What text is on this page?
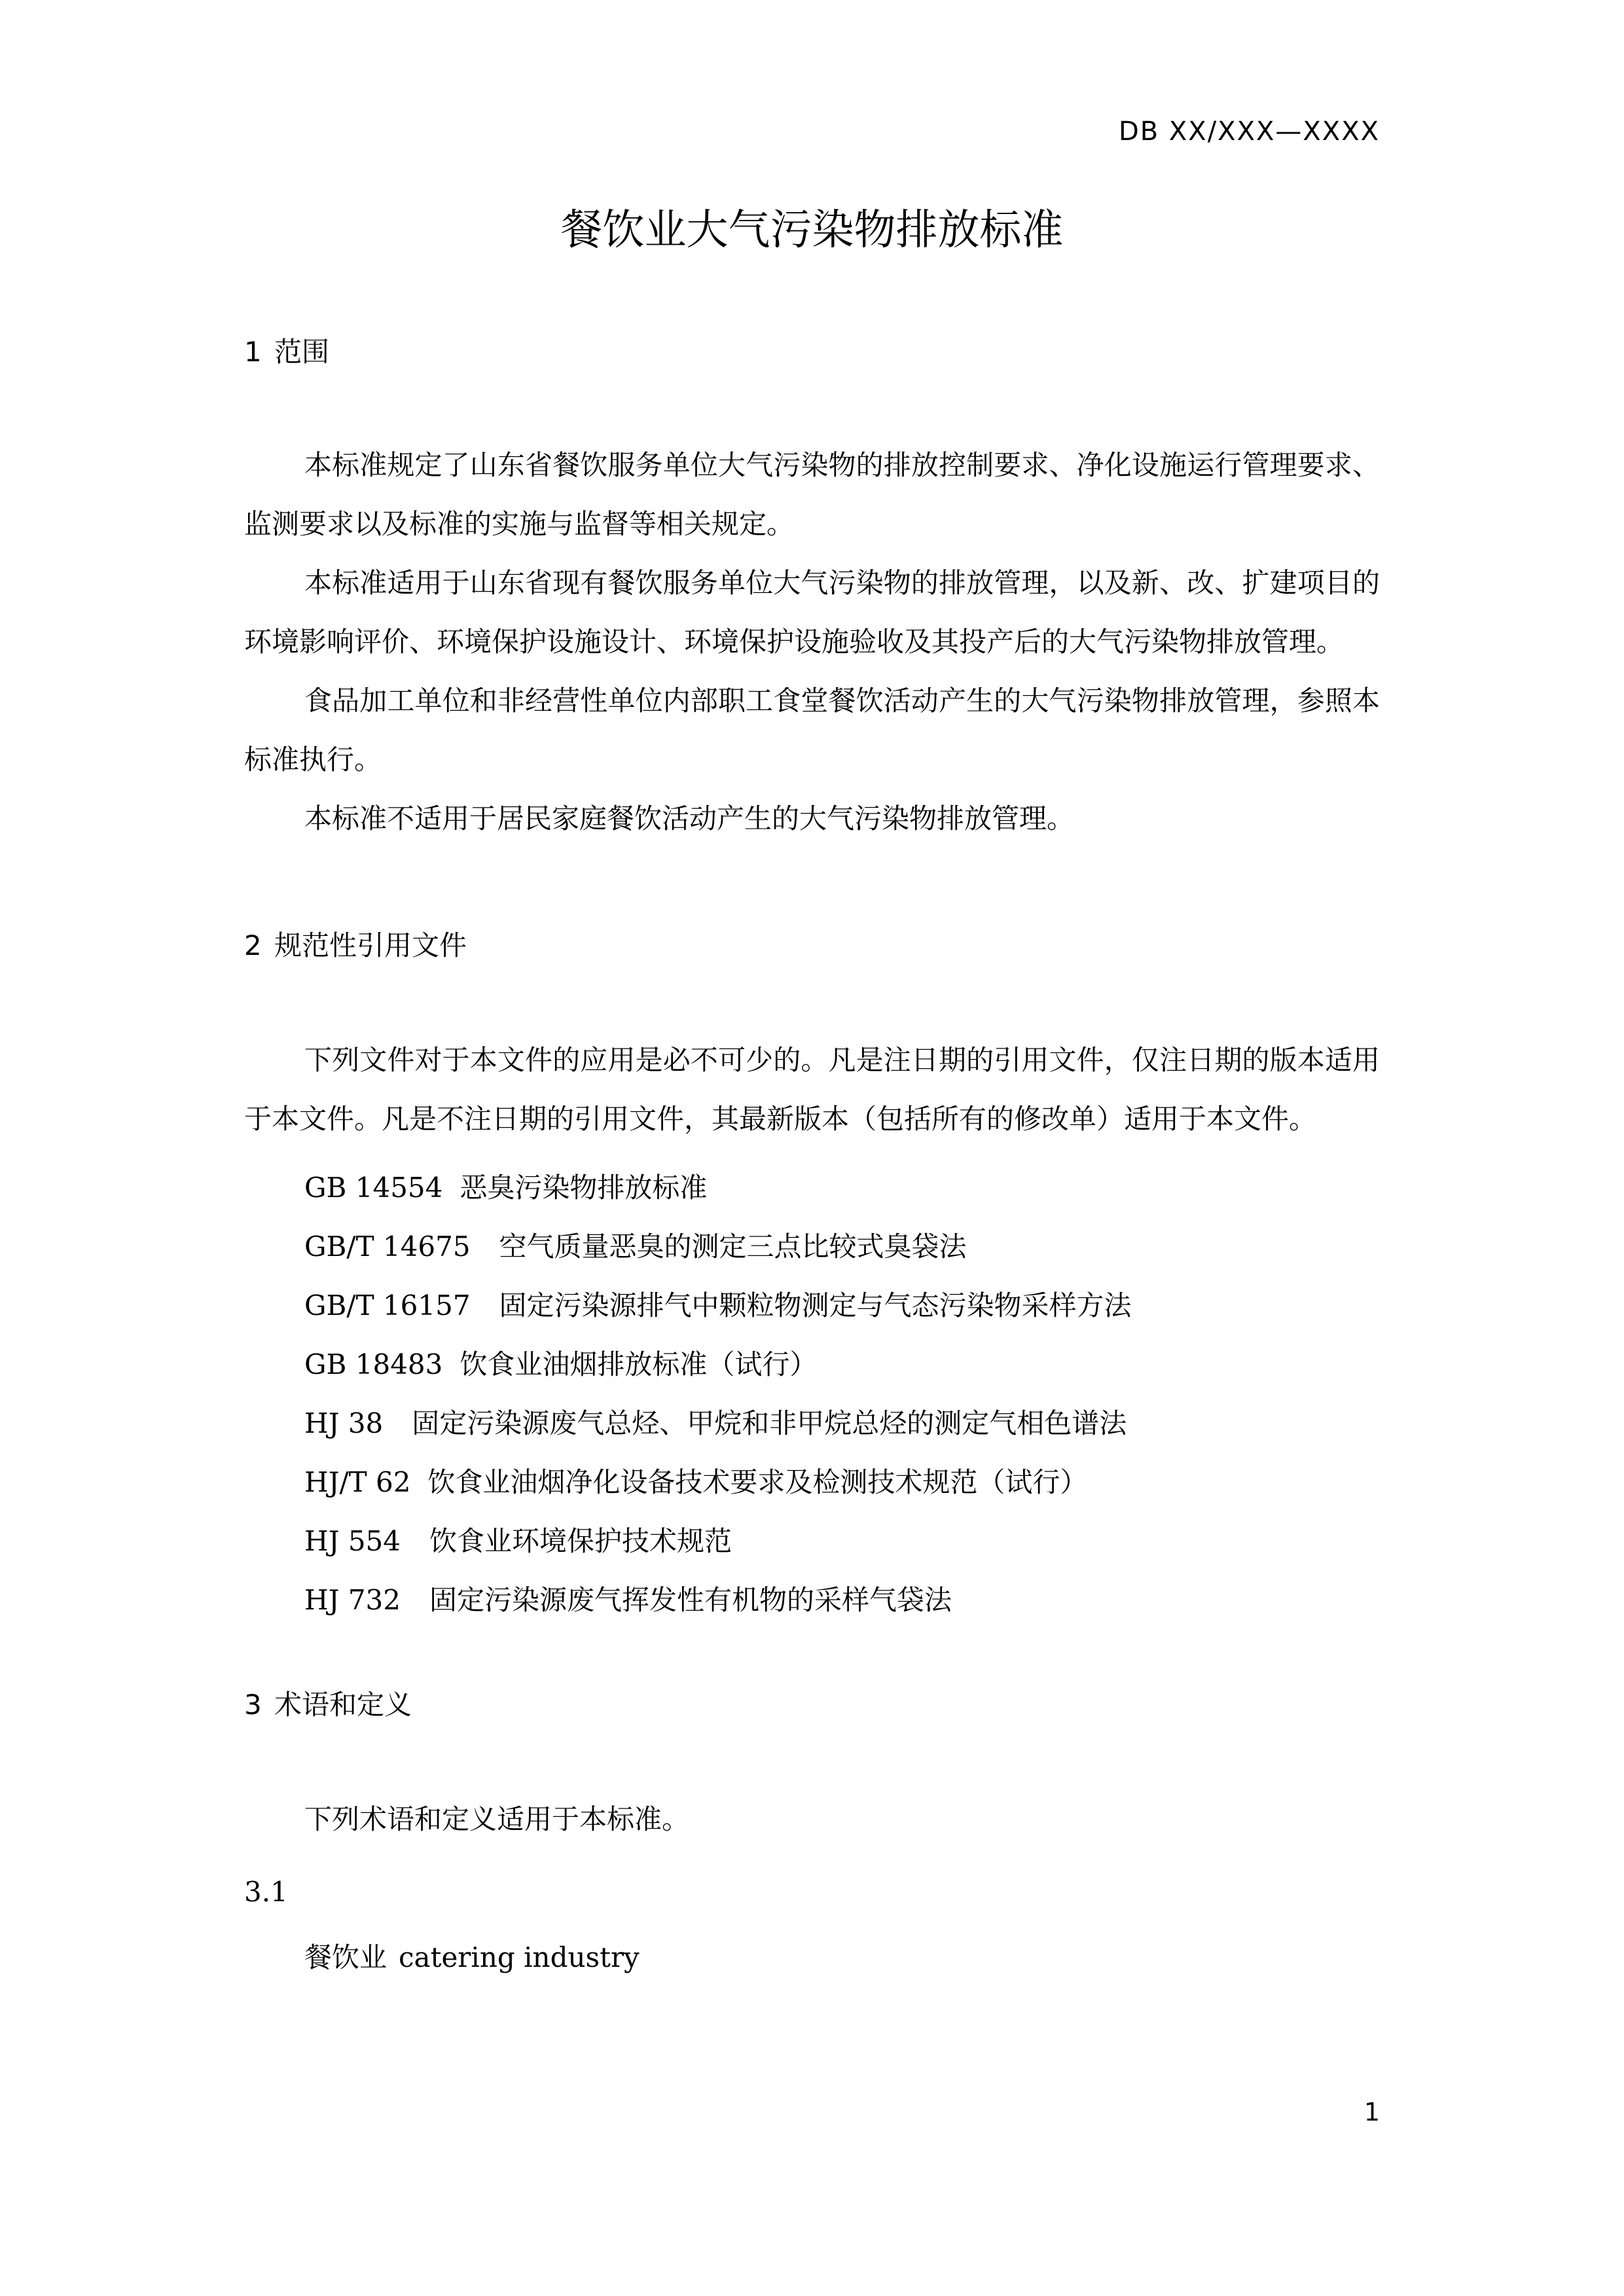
DB XX/XXX—XXXX
餐饮业大气污染物排放标准
1 范围

本标准规定了山东省餐饮服务单位大气污染物的排放控制要求、净化设施运行管理要求、监测要求以及标准的实施与监督等相关规定。

本标准适用于山东省现有餐饮服务单位大气污染物的排放管理，以及新、改、扩建项目的环境影响评价、环境保护设施设计、环境保护设施验收及其投产后的大气污染物排放管理。

食品加工单位和非经营性单位内部职工食堂餐饮活动产生的大气污染物排放管理，参照本标准执行。

本标准不适用于居民家庭餐饮活动产生的大气污染物排放管理。

2 规范性引用文件

下列文件对于本文件的应用是必不可少的。凡是注日期的引用文件，仅注日期的版本适用于本文件。凡是不注日期的引用文件，其最新版本（包括所有的修改单）适用于本文件。

GB 14554 恶臭污染物排放标准
GB/T 14675 空气质量恶臭的测定三点比较式臭袋法
GB/T 16157 固定污染源排气中颗粒物测定与气态污染物采样方法
GB 18483 饮食业油烟排放标准（试行）
HJ 38 固定污染源废气总烃、甲烷和非甲烷总烃的测定气相色谱法
HJ/T 62 饮食业油烟净化设备技术要求及检测技术规范（试行）
HJ 554 饮食业环境保护技术规范
HJ 732 固定污染源废气挥发性有机物的采样气袋法
3 术语和定义

下列术语和定义适用于本标准。

3.1
餐饮业 catering industry
1
